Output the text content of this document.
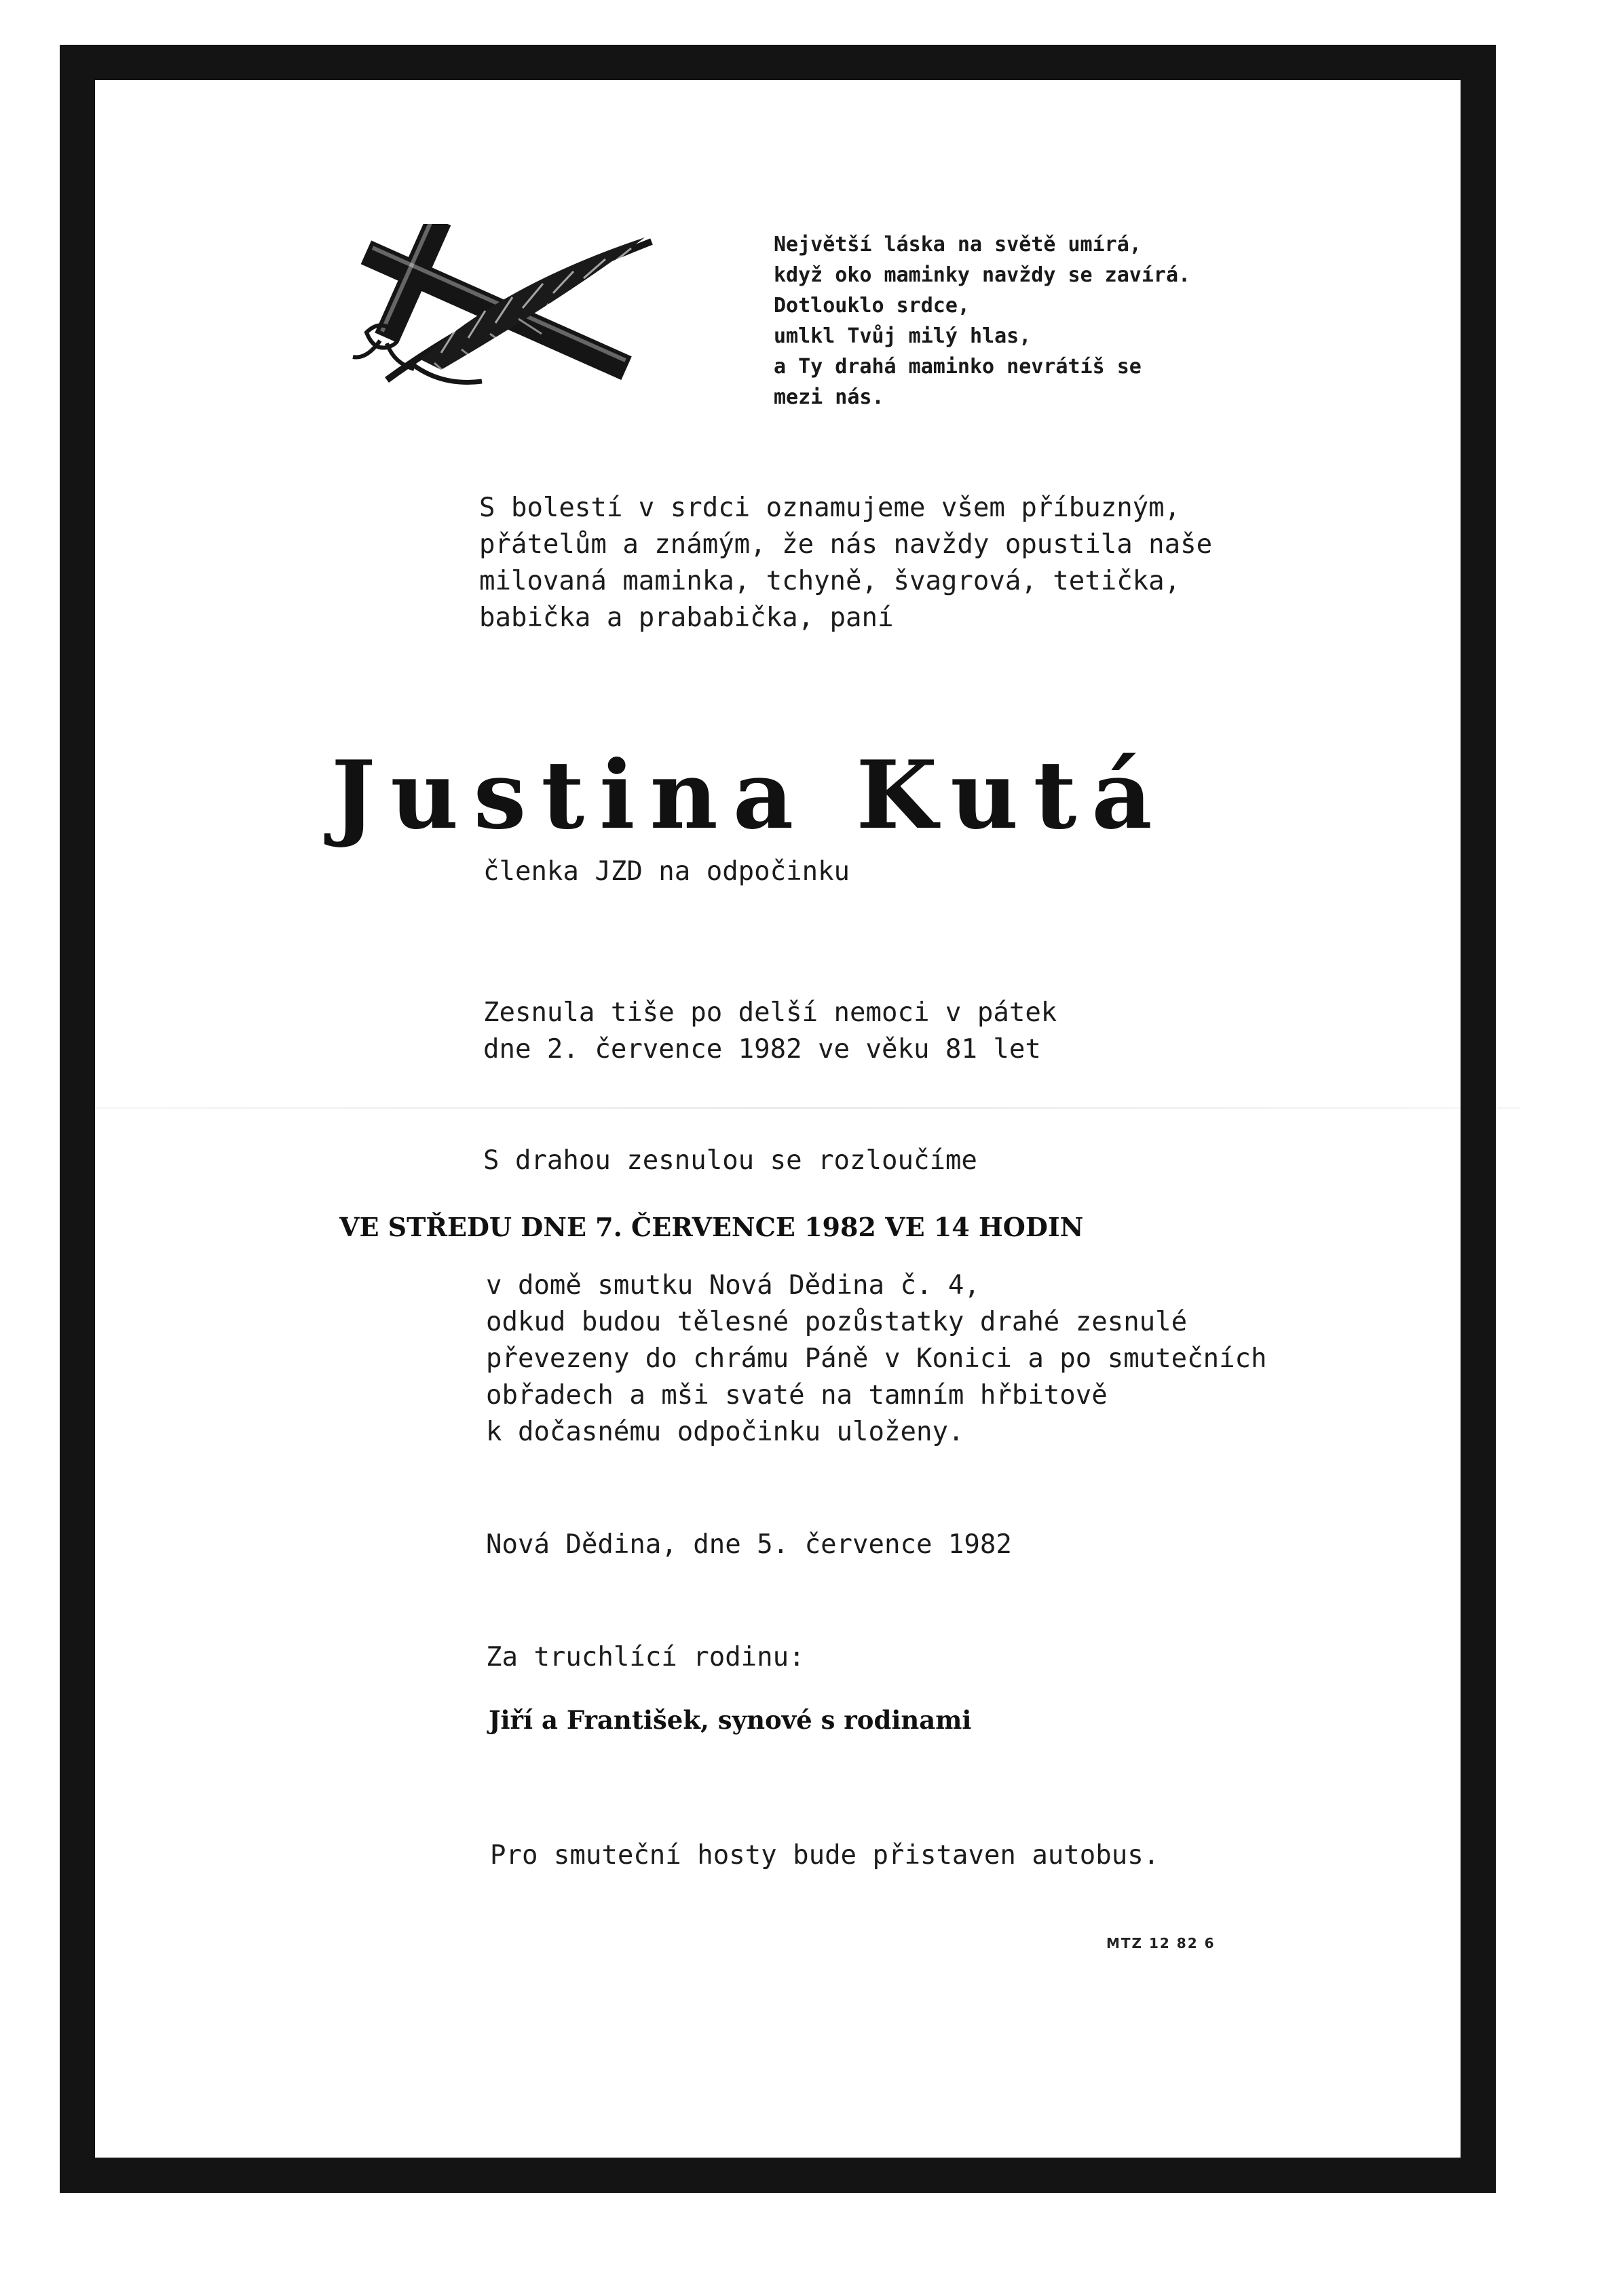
Největší láska na světě umírá,
když oko maminky navždy se zavírá.
Dotlouklo srdce,
umlkl Tvůj milý hlas,
a Ty drahá maminko nevrátíš se
mezi nás.
S bolestí v srdci oznamujeme všem příbuzným,
přátelům a známým, že nás navždy opustila naše
milovaná maminka, tchyně, švagrová, tetička,
babička a prababička, paní
Justina Kutá
členka JZD na odpočinku
Zesnula tiše po delší nemoci v pátek
dne 2. července 1982 ve věku 81 let
S drahou zesnulou se rozloučíme
VE STŘEDU DNE 7. ČERVENCE 1982 VE 14 HODIN
v domě smutku Nová Dědina č. 4,
odkud budou tělesné pozůstatky drahé zesnulé
převezeny do chrámu Páně v Konici a po smutečních
obřadech a mši svaté na tamním hřbitově
k dočasnému odpočinku uloženy.
Nová Dědina, dne 5. července 1982
Za truchlící rodinu:
Jiří a František, synové s rodinami
Pro smuteční hosty bude přistaven autobus.
MTZ 12 82 6
